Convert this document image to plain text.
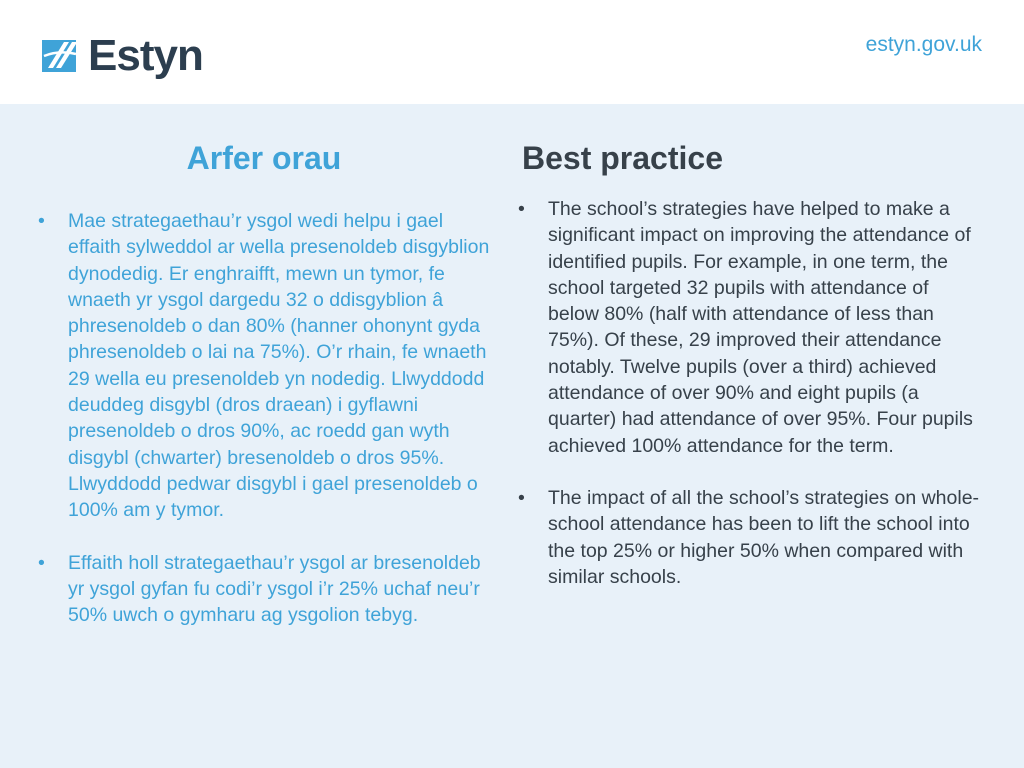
Estyn	estyn.gov.uk
Arfer orau
• Mae strategaethau’r ysgol wedi helpu i gael effaith sylweddol ar wella presenoldeb disgyblion dynodedig. Er enghraifft, mewn un tymor, fe wnaeth yr ysgol dargedu 32 o ddisgyblion â phresenoldeb o dan 80% (hanner ohonynt gyda phresenoldeb o lai na 75%). O’r rhain, fe wnaeth 29 wella eu presenoldeb yn nodedig. Llwyddodd deuddeg disgybl (dros draean) i gyflawni presenoldeb o dros 90%, ac roedd gan wyth disgybl (chwarter) bresenoldeb o dros 95%. Llwyddodd pedwar disgybl i gael presenoldeb o 100% am y tymor.
• Effaith holl strategaethau’r ysgol ar bresenoldeb yr ysgol gyfan fu codi’r ysgol i’r 25% uchaf neu’r 50% uwch o gymharu ag ysgolion tebyg.
Best practice
• The school’s strategies have helped to make a significant impact on improving the attendance of identified pupils. For example, in one term, the school targeted 32 pupils with attendance of below 80% (half with attendance of less than 75%). Of these, 29 improved their attendance notably. Twelve pupils (over a third) achieved attendance of over 90% and eight pupils (a quarter) had attendance of over 95%. Four pupils achieved 100% attendance for the term.
• The impact of all the school’s strategies on whole-school attendance has been to lift the school into the top 25% or higher 50% when compared with similar schools.
